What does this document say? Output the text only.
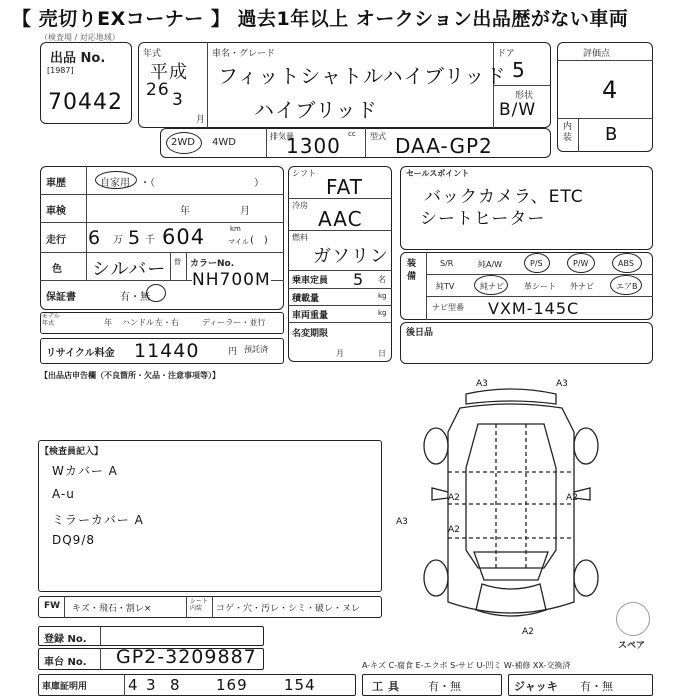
【 売切りEXコーナー 】 過去1年以上 オークション出品歴がない車両
（検査場 / 対応地域）
出品 No.
[1987]
70442
年式
平成
26 3
月
車名・グレード
フィットシャトルハイブリッド
ハイブリッド
ドア
5
形状
B/W
評価点
4
内装 B
2WD 4WD
排気量
1300 cc 型式 DAA-GP2
車歴	自家用 ・（	）
車検	年	月
走行 6 万 5 千 604	km
マイル (　)
色 シルバー 替	カラーNo.
NH700M
保証書	有・無
モデル年式	年 ハンドル 左・右	ディーラー・並行
リサイクル料金 11440	円 預託済
シフト
FAT
冷房
AAC
燃料
ガソリン
乗車定員 5 名
積載量	kg
車両重量	kg
名変期限
月	日
セールスポイント
バックカメラ、ETC
シートヒーター
装備
S/R	純A/W	P/S	P/W	ABS
純TV	純ナビ	革シート 外ナビ	エアB
ナビ型番 VXM-145C
後日品
【出品店申告欄（不良箇所・欠品・注意事項等）】
【検査員記入】
Wカバー A
A-u
ミラーカバー A
DQ9/8
FW キズ・飛石・割レ×
シート内装	コゲ・穴・汚レ・シミ・破レ・ヌレ
登録 No.
車台 No. GP2-3209887
車庫証明用	4 3 8 169 154
A-キズ C-腐食 E-エクボ S-サビ U-凹ミ W-補修 XX-交換済
工具 有・無	ジャッキ 有・無
スペア
A3	A3
A2	A2
A2
A3
A2
